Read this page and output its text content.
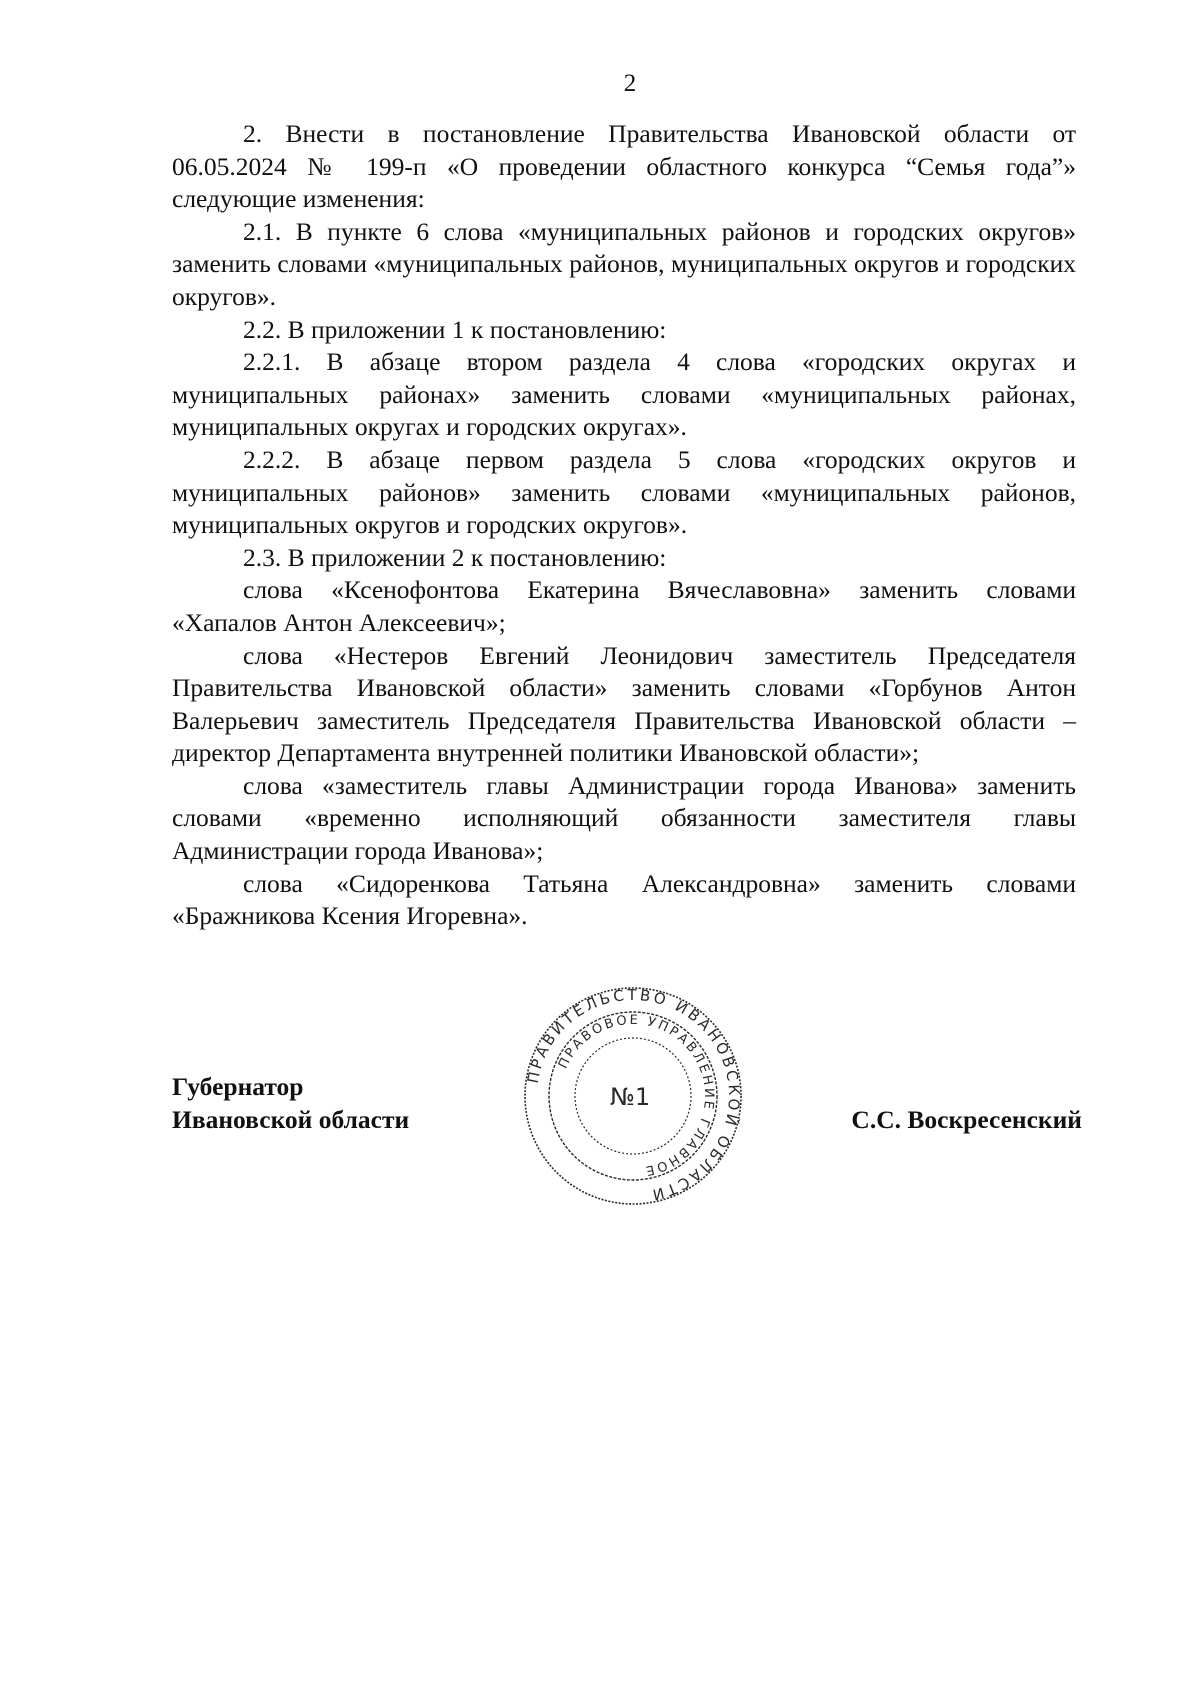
2

2. Внести в постановление Правительства Ивановской области от 06.05.2024 № 199-п «О проведении областного конкурса “Семья года”» следующие изменения:

2.1. В пункте 6 слова «муниципальных районов и городских округов» заменить словами «муниципальных районов, муниципальных округов и городских округов».

2.2. В приложении 1 к постановлению:

2.2.1. В абзаце втором раздела 4 слова «городских округах и муниципальных районах» заменить словами «муниципальных районах, муниципальных округах и городских округах».

2.2.2. В абзаце первом раздела 5 слова «городских округов и муниципальных районов» заменить словами «муниципальных районов, муниципальных округов и городских округов».

2.3. В приложении 2 к постановлению:

слова «Ксенофонтова Екатерина Вячеславовна» заменить словами «Хапалов Антон Алексеевич»;

слова «Нестеров Евгений Леонидович заместитель Председателя Правительства Ивановской области» заменить словами «Горбунов Антон Валерьевич заместитель Председателя Правительства Ивановской области – директор Департамента внутренней политики Ивановской области»;

слова «заместитель главы Администрации города Иванова» заменить словами «временно исполняющий обязанности заместителя главы Администрации города Иванова»;

слова «Сидоренкова Татьяна Александровна» заменить словами «Бражникова Ксения Игоревна».

Губернатор
Ивановской области	С.С. Воскресенский
ПРАВИТЕЛЬСТВО ИВАНОВСКОЙ ОБЛАСТИ
ПРАВОВОЕ УПРАВЛЕНИЕ ГЛАВНОЕ
№1
